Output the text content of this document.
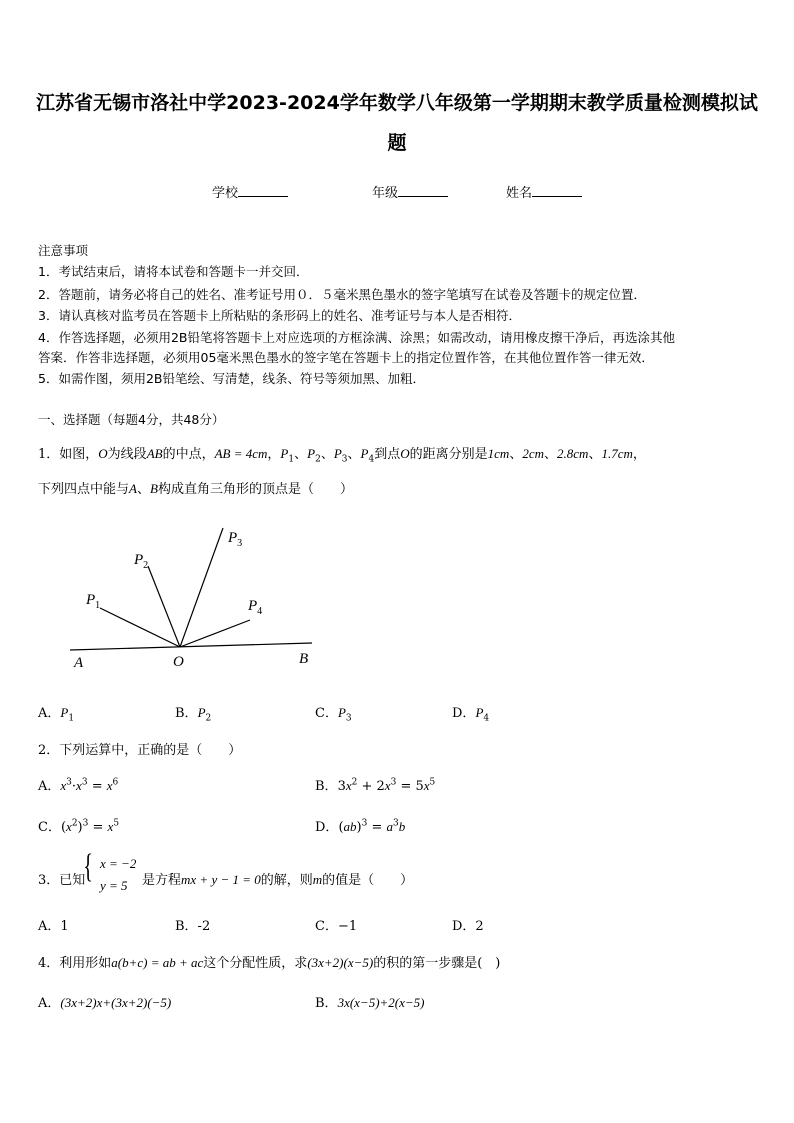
江苏省无锡市洛社中学2023-2024学年数学八年级第一学期期末教学质量检测模拟试
题
学校	年级	姓名
注意事项
1．考试结束后，请将本试卷和答题卡一并交回．
2．答题前，请务必将自己的姓名、准考证号用０．５毫米黑色墨水的签字笔填写在试卷及答题卡的规定位置．
3．请认真核对监考员在答题卡上所粘贴的条形码上的姓名、准考证号与本人是否相符．
4．作答选择题，必须用2B铅笔将答题卡上对应选项的方框涂满、涂黑；如需改动，请用橡皮擦干净后，再选涂其他
答案．作答非选择题，必须用05毫米黑色墨水的签字笔在答题卡上的指定位置作答，在其他位置作答一律无效．
5．如需作图，须用2B铅笔绘、写清楚，线条、符号等须加黑、加粗．
一、选择题（每题4分，共48分）
1．如图，O为线段AB的中点，AB = 4cm，$P_1$、$P_2$、$P_3$、$P_4$到点O的距离分别是1cm、2cm、2.8cm、1.7cm，
下列四点中能与A、B构成直角三角形的顶点是（　　）
$P_1$
$P_2$
$P_3$
$P_4$
A	O	B
A．$P_1$	B．$P_2$	C．$P_3$	D．$P_4$
2．下列运算中，正确的是（　　）
A．$x^3\cdot x^3 = x^6$	B．$3x^2 + 2x^3 = 5x^5$
C．$(x^2)^3 = x^5$	D．$(ab)^3 = a^3b$
3．已知
{ x = −2
y = 5 是方程mx + y − 1 = 0的解，则m的值是（　　）
A．1	B．-2	C．−1	D．2
4．利用形如a(b+c) = ab + ac这个分配性质，求(3x+2)(x−5)的积的第一步骤是(　)
A．(3x+2)x+(3x+2)(−5)	B．3x(x−5)+2(x−5)
